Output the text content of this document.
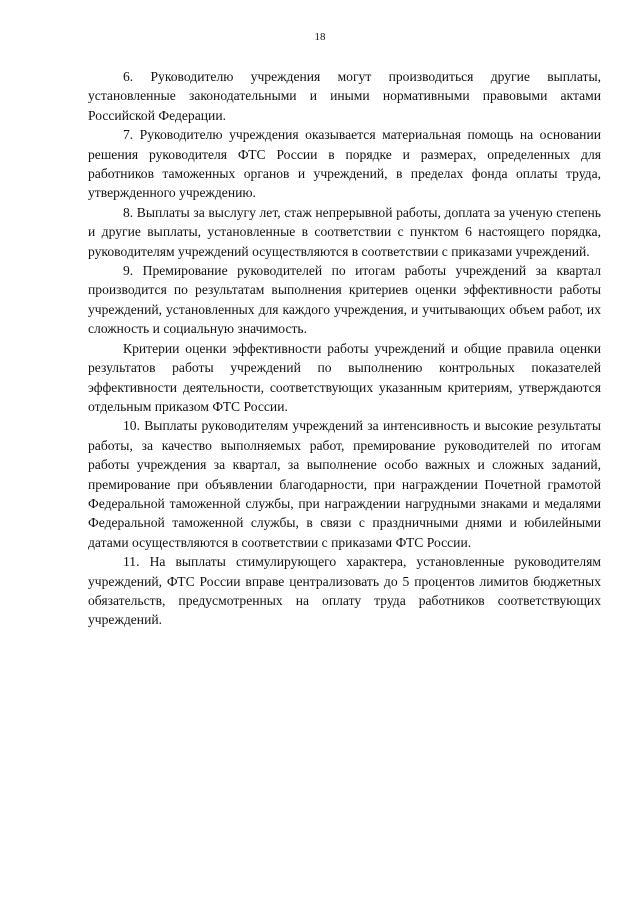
18

6. Руководителю учреждения могут производиться другие выплаты, установленные законодательными и иными нормативными правовыми актами Российской Федерации.

7. Руководителю учреждения оказывается материальная помощь на основании решения руководителя ФТС России в порядке и размерах, определенных для работников таможенных органов и учреждений, в пределах фонда оплаты труда, утвержденного учреждению.

8. Выплаты за выслугу лет, стаж непрерывной работы, доплата за ученую степень и другие выплаты, установленные в соответствии с пунктом 6 настоящего порядка, руководителям учреждений осуществляются в соответствии с приказами учреждений.

9. Премирование руководителей по итогам работы учреждений за квартал производится по результатам выполнения критериев оценки эффективности работы учреждений, установленных для каждого учреждения, и учитывающих объем работ, их сложность и социальную значимость.

Критерии оценки эффективности работы учреждений и общие правила оценки результатов работы учреждений по выполнению контрольных показателей эффективности деятельности, соответствующих указанным критериям, утверждаются отдельным приказом ФТС России.

10. Выплаты руководителям учреждений за интенсивность и высокие результаты работы, за качество выполняемых работ, премирование руководителей по итогам работы учреждения за квартал, за выполнение особо важных и сложных заданий, премирование при объявлении благодарности, при награждении Почетной грамотой Федеральной таможенной службы, при награждении нагрудными знаками и медалями Федеральной таможенной службы, в связи с праздничными днями и юбилейными датами осуществляются в соответствии с приказами ФТС России.

11. На выплаты стимулирующего характера, установленные руководителям учреждений, ФТС России вправе централизовать до 5 процентов лимитов бюджетных обязательств, предусмотренных на оплату труда работников соответствующих учреждений.
